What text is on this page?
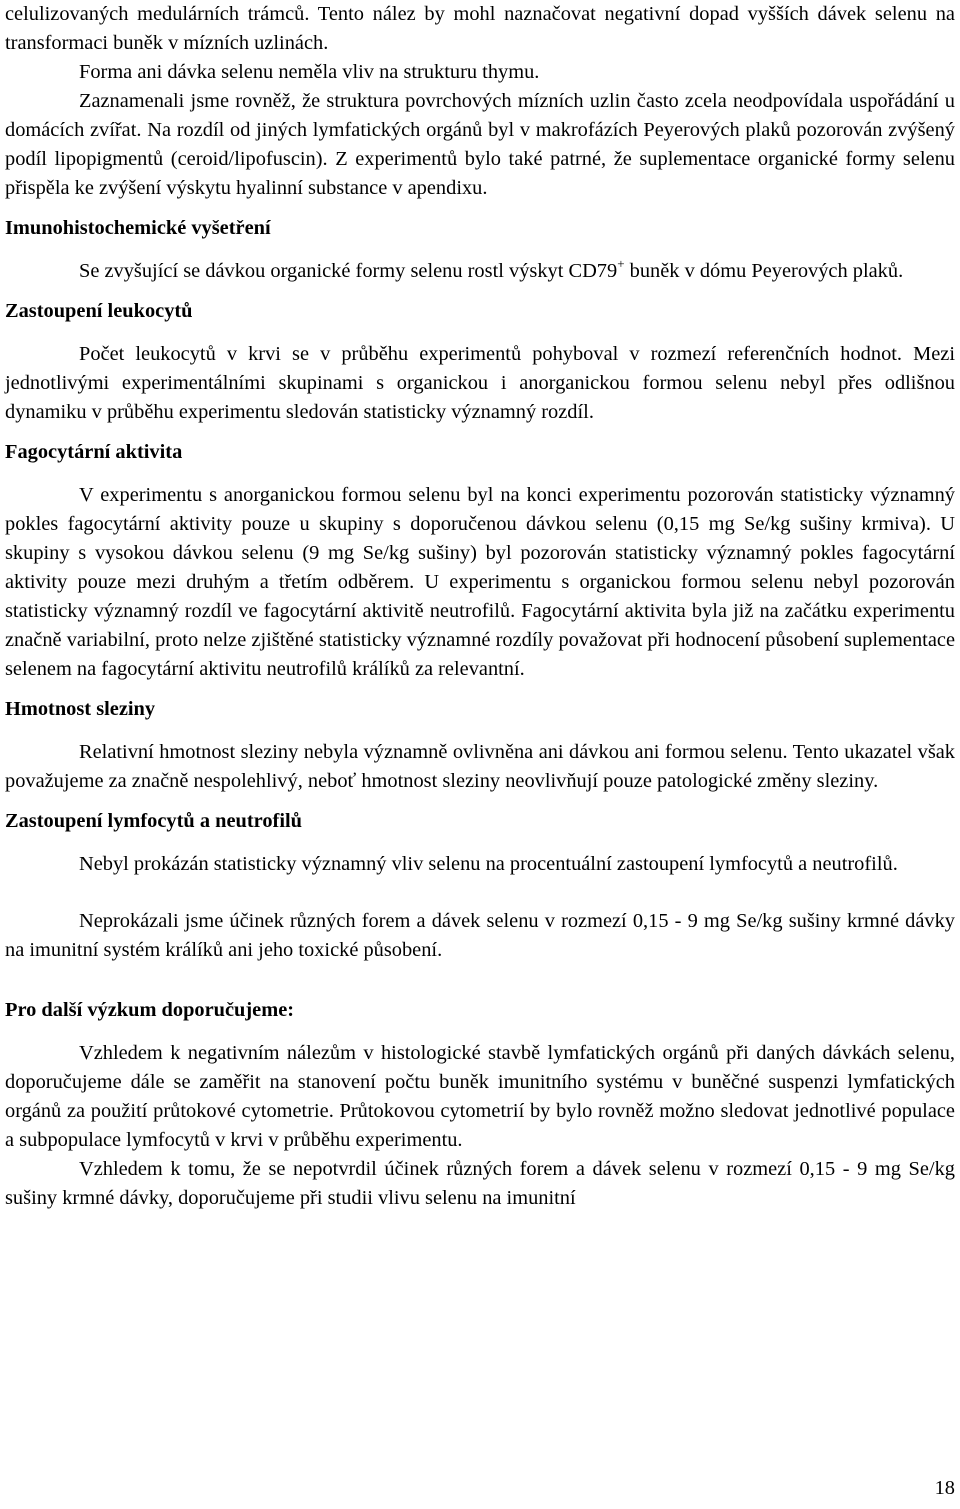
celulizovaných medulárních trámců. Tento nález by mohl naznačovat negativní dopad vyšších dávek selenu na transformaci buněk v mízních uzlinách.

Forma ani dávka selenu neměla vliv na strukturu thymu.

Zaznamenali jsme rovněž, že struktura povrchových mízních uzlin často zcela neodpovídala uspořádání u domácích zvířat. Na rozdíl od jiných lymfatických orgánů byl v makrofázích Peyerových plaků pozorován zvýšený podíl lipopigmentů (ceroid/lipofuscin). Z experimentů bylo také patrné, že suplementace organické formy selenu přispěla ke zvýšení výskytu hyalinní substance v apendixu.

Imunohistochemické vyšetření

Se zvyšující se dávkou organické formy selenu rostl výskyt CD79+ buněk v dómu Peyerových plaků.

Zastoupení leukocytů

Počet leukocytů v krvi se v průběhu experimentů pohyboval v rozmezí referenčních hodnot. Mezi jednotlivými experimentálními skupinami s organickou i anorganickou formou selenu nebyl přes odlišnou dynamiku v průběhu experimentu sledován statisticky významný rozdíl.

Fagocytární aktivita

V experimentu s anorganickou formou selenu byl na konci experimentu pozorován statisticky významný pokles fagocytární aktivity pouze u skupiny s doporučenou dávkou selenu (0,15 mg Se/kg sušiny krmiva). U skupiny s vysokou dávkou selenu (9 mg Se/kg sušiny) byl pozorován statisticky významný pokles fagocytární aktivity pouze mezi druhým a třetím odběrem. U experimentu s organickou formou selenu nebyl pozorován statisticky významný rozdíl ve fagocytární aktivitě neutrofilů. Fagocytární aktivita byla již na začátku experimentu značně variabilní, proto nelze zjištěné statisticky významné rozdíly považovat při hodnocení působení suplementace selenem na fagocytární aktivitu neutrofilů králíků za relevantní.

Hmotnost sleziny

Relativní hmotnost sleziny nebyla významně ovlivněna ani dávkou ani formou selenu. Tento ukazatel však považujeme za značně nespolehlivý, neboť hmotnost sleziny neovlivňují pouze patologické změny sleziny.

Zastoupení lymfocytů a neutrofilů

Nebyl prokázán statisticky významný vliv selenu na procentuální zastoupení lymfocytů a neutrofilů.

Neprokázali jsme účinek různých forem a dávek selenu v rozmezí 0,15 - 9 mg Se/kg sušiny krmné dávky na imunitní systém králíků ani jeho toxické působení.

Pro další výzkum doporučujeme:

Vzhledem k negativním nálezům v histologické stavbě lymfatických orgánů při daných dávkách selenu, doporučujeme dále se zaměřit na stanovení počtu buněk imunitního systému v buněčné suspenzi lymfatických orgánů za použití průtokové cytometrie. Průtokovou cytometrií by bylo rovněž možno sledovat jednotlivé populace a subpopulace lymfocytů v krvi v průběhu experimentu.

Vzhledem k tomu, že se nepotvrdil účinek různých forem a dávek selenu v rozmezí 0,15 - 9 mg Se/kg sušiny krmné dávky, doporučujeme při studii vlivu selenu na imunitní

18
